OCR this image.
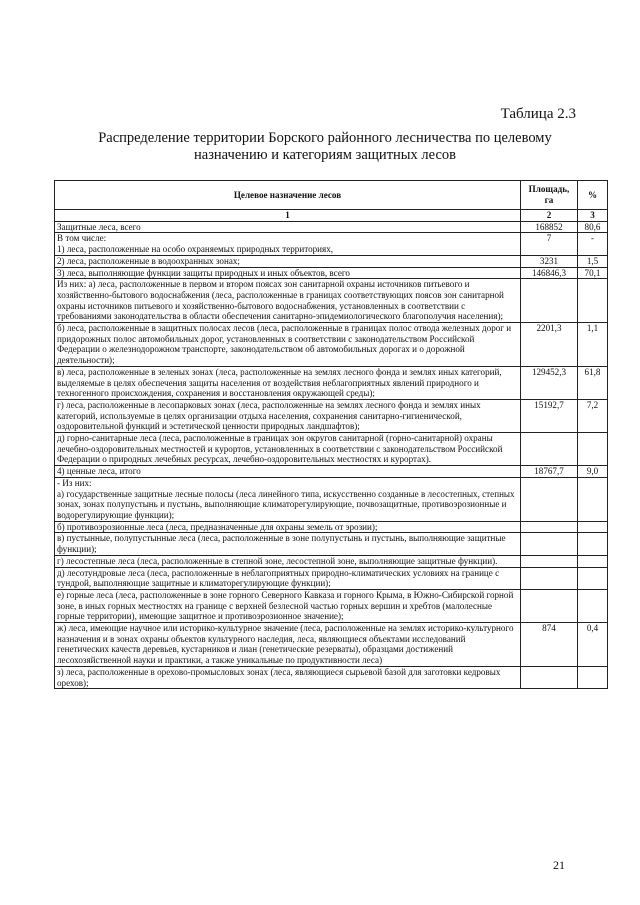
Таблица 2.3
Распределение территории Борского районного лесничества по целевому
назначению и категориям защитных лесов
Целевое назначение лесов	Площадь,
га	%
1	2	3
Защитные леса, всего	168852	80,6
В том числе:
1) леса, расположенные на особо охраняемых природных территориях,	7	-
2) леса, расположенные в водоохранных зонах;	3231	1,5
3) леса, выполняющие функции защиты природных и иных объектов, всего	146846,3	70,1
Из них: а) леса, расположенные в первом и втором поясах зон санитарной охраны источников питьевого и хозяйственно-бытового водоснабжения (леса, расположенные в границах соответствующих поясов зон санитарной охраны источников питьевого и хозяйственно-бытового водоснабжения, установленных в соответствии с требованиями законодательства в области обеспечения санитарно-эпидемиологического благополучия населения);		
б) леса, расположенные в защитных полосах лесов (леса, расположенные в границах полос отвода железных дорог и придорожных полос автомобильных дорог, установленных в соответствии с законодательством Российской Федерации о железнодорожном транспорте, законодательством об автомобильных дорогах и о дорожной деятельности);	2201,3	1,1
в) леса, расположенные в зеленых зонах (леса, расположенные на землях лесного фонда и землях иных категорий, выделяемые в целях обеспечения защиты населения от воздействия неблагоприятных явлений природного и техногенного происхождения, сохранения и восстановления окружающей среды);	129452,3	61,8
г) леса, расположенные в лесопарковых зонах (леса, расположенные на землях лесного фонда и землях иных категорий, используемые в целях организации отдыха населения, сохранения санитарно-гигиенической, оздоровительной функций и эстетической ценности природных ландшафтов);	15192,7	7,2
д) горно-санитарные леса (леса, расположенные в границах зон округов санитарной (горно-санитарной) охраны лечебно-оздоровительных местностей и курортов, установленных в соответствии с законодательством Российской Федерации о природных лечебных ресурсах, лечебно-оздоровительных местностях и курортах).		
4) ценные леса, итого	18767,7	9,0
- Из них:
а) государственные защитные лесные полосы (леса линейного типа, искусственно созданные в лесостепных, степных зонах, зонах полупустынь и пустынь, выполняющие климаторегулирующие, почвозащитные, противоэрозионные и водорегулирующие функции);		
б) противоэрозионные леса (леса, предназначенные для охраны земель от эрозии);		
в) пустынные, полупустынные леса (леса, расположенные в зоне полупустынь и пустынь, выполняющие защитные функции);		
г) лесостепные леса (леса, расположенные в степной зоне, лесостепной зоне, выполняющие защитные функции).		
д) лесотундровые леса (леса, расположенные в неблагоприятных природно-климатических условиях на границе с тундрой, выполняющие защитные и климаторегулирующие функции);		
е) горные леса (леса, расположенные в зоне горного Северного Кавказа и горного Крыма, в Южно-Сибирской горной зоне, в иных горных местностях на границе с верхней безлесной частью горных вершин и хребтов (малолесные горные территории), имеющие защитное и противоэрозионное значение);		
ж) леса, имеющие научное или историко-культурное значение (леса, расположенные на землях историко-культурного назначения и в зонах охраны объектов культурного наследия, леса, являющиеся объектами исследований генетических качеств деревьев, кустарников и лиан (генетические резерваты), образцами достижений лесохозяйственной науки и практики, а также уникальные по продуктивности леса)	874	0,4
з) леса, расположенные в орехово-промысловых зонах (леса, являющиеся сырьевой базой для заготовки кедровых орехов);		
21
